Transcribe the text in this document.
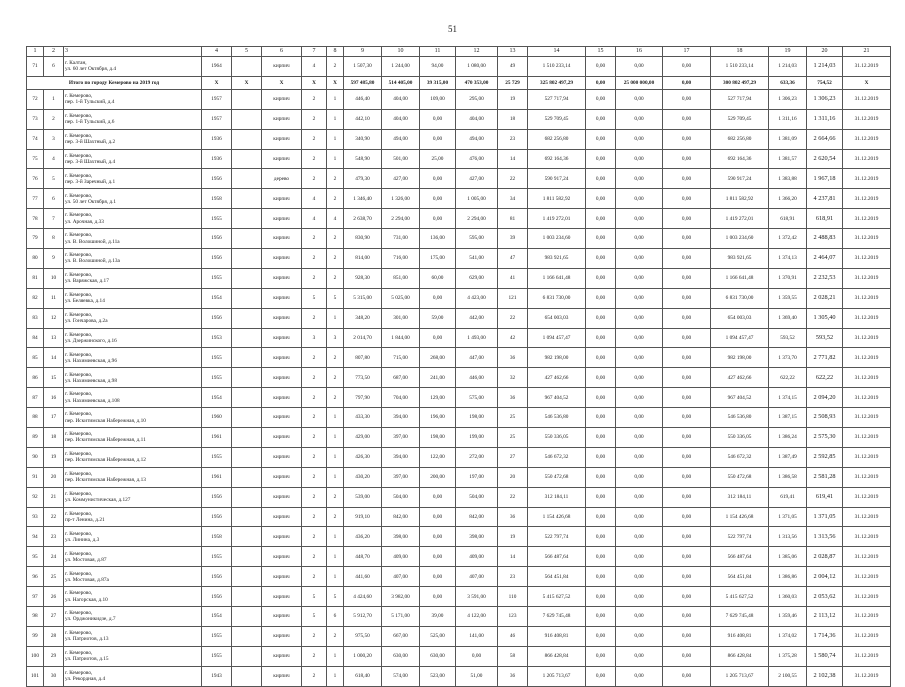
51
1	2	3	4	5	6	7	8	9	10	11	12	13	14	15	16	17	18	19	20	21
71	6	г. Калтан,
ул. 60 лет Октября, д.4	1964		кирпич	4	2	1 507,30	1 244,00	94,00	1 080,00	49	1 510 233,14	0,00	0,00	0,00	1 510 233,14	1 214,03	1 214,03	31.12.2019
Итого по городу Кемерово на 2019 год			X	X	X	X	X	597 485,80	514 405,00	39 315,00	470 353,00	25 729	325 802 497,29	0,00	25 000 000,00	0,00	300 802 497,29	633,36	754,52	X
72	1	г. Кемерово,
пер. 1-й Тульский, д.4	1957		кирпич	2	1	446,40	404,00	109,00	295,00	19	527 717,94	0,00	0,00	0,00	527 717,94	1 306,23	1 306,23	31.12.2019
73	2	г. Кемерово,
пер. 1-й Тульский, д.6	1957		кирпич	2	1	442,10	404,00	0,00	404,00	18	529 709,45	0,00	0,00	0,00	529 709,45	1 311,16	1 311,16	31.12.2019
74	3	г. Кемерово,
пер. 3-й Шахтный, д.2	1936		кирпич	2	1	340,90	494,00	0,00	494,00	23	682 256,80	0,00	0,00	0,00	682 256,80	1 381,09	2 664,66	31.12.2019
75	4	г. Кемерово,
пер. 3-й Шахтный, д.4	1936		кирпич	2	1	548,90	501,00	25,00	476,00	14	692 164,36	0,00	0,00	0,00	692 164,36	1 381,57	2 620,54	31.12.2019
76	5	г. Кемерово,
пер. 3-й Заречный, д.1	1956		дерево	2	2	479,30	427,00	0,00	427,00	22	590 917,24	0,00	0,00	0,00	590 917,24	1 383,88	1 967,18	31.12.2019
77	6	г. Кемерово,
ул. 50 лет Октября, д.1	1958		кирпич	4	2	1 346,40	1 326,00	0,00	1 005,00	34	1 811 582,92	0,00	0,00	0,00	1 811 582,92	1 366,20	4 237,81	31.12.2019
78	7	г. Кемерово,
ул. Арочная, д.33	1955		кирпич	4	4	2 638,70	2 294,00	0,00	2 294,00	81	1 419 272,01	0,00	0,00	0,00	1 419 272,01	618,91	618,91	31.12.2019
79	8	г. Кемерово,
ул. В. Волошиной, д.11а	1956		кирпич	2	2	830,90	731,00	136,00	595,00	39	1 003 234,60	0,00	0,00	0,00	1 003 234,60	1 372,42	2 488,83	31.12.2019
80	9	г. Кемерово,
ул. В. Волошиной, д.13а	1956		кирпич	2	2	814,00	716,00	175,00	541,00	47	983 921,65	0,00	0,00	0,00	983 921,65	1 374,13	2 464,07	31.12.2019
81	10	г. Кемерово,
ул. Варяжская, д.17	1955		кирпич	2	2	928,30	851,00	60,00	629,00	41	1 166 641,48	0,00	0,00	0,00	1 166 641,48	1 370,91	2 232,53	31.12.2019
82	11	г. Кемерово,
ул. Беляевка, д.14	1954		кирпич	5	5	5 315,00	5 025,00	0,00	4 423,00	121	6 831 730,00	0,00	0,00	0,00	6 831 730,00	1 359,55	2 028,21	31.12.2019
83	12	г. Кемерово,
ул. Гончарова, д.2а	1956		кирпич	2	1	348,20	301,00	59,00	442,00	22	654 003,03	0,00	0,00	0,00	654 003,03	1 369,40	1 305,40	31.12.2019
84	13	г. Кемерово,
ул. Дзержинского, д.16	1953		кирпич	3	3	2 014,70	1 844,00	0,00	1 493,00	42	1 094 457,47	0,00	0,00	0,00	1 094 457,47	593,52	593,52	31.12.2019
85	14	г. Кемерово,
ул. Нахимиевская, д.96	1955		кирпич	2	2	807,80	715,00	268,00	447,00	36	982 198,00	0,00	0,00	0,00	982 198,00	1 373,70	2 771,82	31.12.2019
86	15	г. Кемерово,
ул. Нахимиевская, д.98	1955		кирпич	2	2	773,50	687,00	241,00	446,00	32	427 462,66	0,00	0,00	0,00	427 462,66	622,22	622,22	31.12.2019
87	16	г. Кемерово,
ул. Нахимиевская, д.108	1954		кирпич	2	2	797,90	704,00	129,00	575,00	36	967 404,52	0,00	0,00	0,00	967 404,52	1 374,15	2 094,20	31.12.2019
88	17	г. Кемерово,
пер. Искитимская Набережная, д.10	1960		кирпич	2	1	433,30	394,00	196,00	198,00	25	546 536,80	0,00	0,00	0,00	546 536,80	1 387,15	2 508,93	31.12.2019
89	18	г. Кемерово,
пер. Искитимская Набережная, д.11	1961		кирпич	2	1	429,00	397,00	198,00	199,00	25	550 336,05	0,00	0,00	0,00	550 336,05	1 386,24	2 575,30	31.12.2019
90	19	г. Кемерово,
пер. Искитимская Набережная, д.12	1955		кирпич	2	1	426,30	394,00	122,00	272,00	27	546 672,32	0,00	0,00	0,00	546 672,32	1 387,49	2 592,85	31.12.2019
91	20	г. Кемерово,
пер. Искитимская Набережная, д.13	1961		кирпич	2	1	430,20	397,00	200,00	197,00	20	550 472,68	0,00	0,00	0,00	550 472,68	1 386,58	2 581,28	31.12.2019
92	21	г. Кемерово,
ул. Коммунистическая, д.127	1956		кирпич	2	2	539,00	504,00	0,00	504,00	22	312 184,11	0,00	0,00	0,00	312 184,11	619,41	619,41	31.12.2019
93	22	г. Кемерово,
пр-т Ленина, д.21	1956		кирпич	2	2	919,10	842,00	0,00	842,00	36	1 154 426,68	0,00	0,00	0,00	1 154 426,68	1 371,05	1 371,05	31.12.2019
94	23	г. Кемерово,
ул. Линина, д.3	1958		кирпич	2	1	436,20	398,00	0,00	398,00	19	522 797,74	0,00	0,00	0,00	522 797,74	1 313,56	1 313,56	31.12.2019
95	24	г. Кемерово,
ул. Мостовая, д.87	1955		кирпич	2	1	448,70	409,00	0,00	409,00	14	566 487,64	0,00	0,00	0,00	566 487,64	1 385,06	2 028,87	31.12.2019
96	25	г. Кемерово,
ул. Мостовая, д.87а	1956		кирпич	2	1	441,60	407,00	0,00	407,00	23	564 451,84	0,00	0,00	0,00	564 451,84	1 386,86	2 004,12	31.12.2019
97	26	г. Кемерово,
ул. Нагорская, д.10	1956		кирпич	5	5	4 424,60	3 982,00	0,00	3 591,00	110	5 415 627,52	0,00	0,00	0,00	5 415 627,52	1 360,03	2 053,62	31.12.2019
98	27	г. Кемерово,
ул. Орджоникидзе, д.7	1954		кирпич	5	6	5 912,70	5 171,00	39,00	4 122,00	123	7 629 745,48	0,00	0,00	0,00	7 629 745,48	1 359,46	2 113,12	31.12.2019
99	28	г. Кемерово,
ул. Патриотов, д.13	1955		кирпич	2	2	975,50	667,00	525,00	141,00	46	916 408,81	0,00	0,00	0,00	916 408,81	1 374,02	1 714,36	31.12.2019
100	29	г. Кемерово,
ул. Патриотов, д.15	1955		кирпич	2	1	1 000,20	630,00	630,00	0,00	58	866 428,84	0,00	0,00	0,00	866 428,84	1 375,28	1 580,74	31.12.2019
101	30	г. Кемерово,
ул. Рекордная, д.4	1943		кирпич	2	1	618,40	574,00	523,00	51,00	36	1 205 713,67	0,00	0,00	0,00	1 205 713,67	2 100,55	2 102,38	31.12.2019
